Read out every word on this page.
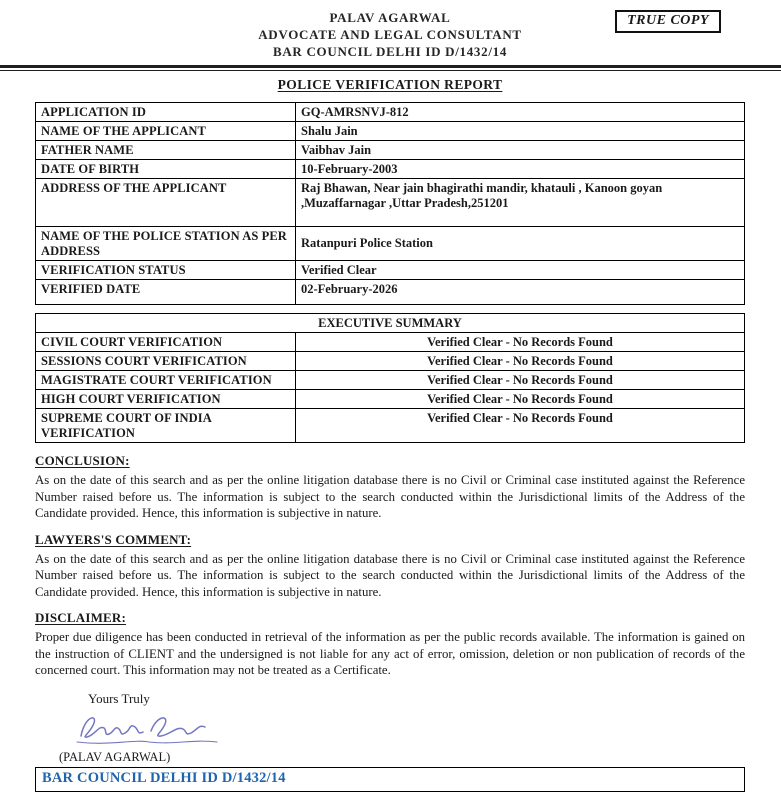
TRUE COPY
PALAV AGARWAL
ADVOCATE AND LEGAL CONSULTANT
BAR COUNCIL DELHI ID D/1432/14
POLICE VERIFICATION REPORT
APPLICATION ID	GQ-AMRSNVJ-812
NAME OF THE APPLICANT	Shalu Jain
FATHER NAME	Vaibhav Jain
DATE OF BIRTH	10-February-2003
ADDRESS OF THE APPLICANT	Raj Bhawan, Near jain bhagirathi mandir, khatauli , Kanoon goyan ,Muzaffarnagar ,Uttar Pradesh,251201
NAME OF THE POLICE STATION AS PER ADDRESS	Ratanpuri Police Station
VERIFICATION STATUS	Verified Clear
VERIFIED DATE	02-February-2026
EXECUTIVE SUMMARY	
CIVIL COURT VERIFICATION	Verified Clear - No Records Found
SESSIONS COURT VERIFICATION	Verified Clear - No Records Found
MAGISTRATE COURT VERIFICATION	Verified Clear - No Records Found
HIGH COURT VERIFICATION	Verified Clear - No Records Found
SUPREME COURT OF INDIA VERIFICATION	Verified Clear - No Records Found
CONCLUSION:

As on the date of this search and as per the online litigation database there is no Civil or Criminal case instituted against the Reference Number raised before us. The information is subject to the search conducted within the Jurisdictional limits of the Address of the Candidate provided. Hence, this information is subjective in nature.

LAWYERS'S COMMENT:

As on the date of this search and as per the online litigation database there is no Civil or Criminal case instituted against the Reference Number raised before us. The information is subject to the search conducted within the Jurisdictional limits of the Address of the Candidate provided. Hence, this information is subjective in nature.

DISCLAIMER:

Proper due diligence has been conducted in retrieval of the information as per the public records available. The information is gained on the instruction of CLIENT and the undersigned is not liable for any act of error, omission, deletion or non publication of records of the concerned court. This information may not be treated as a Certificate.

Yours Truly
(PALAV AGARWAL)
BAR COUNCIL DELHI ID D/1432/14
